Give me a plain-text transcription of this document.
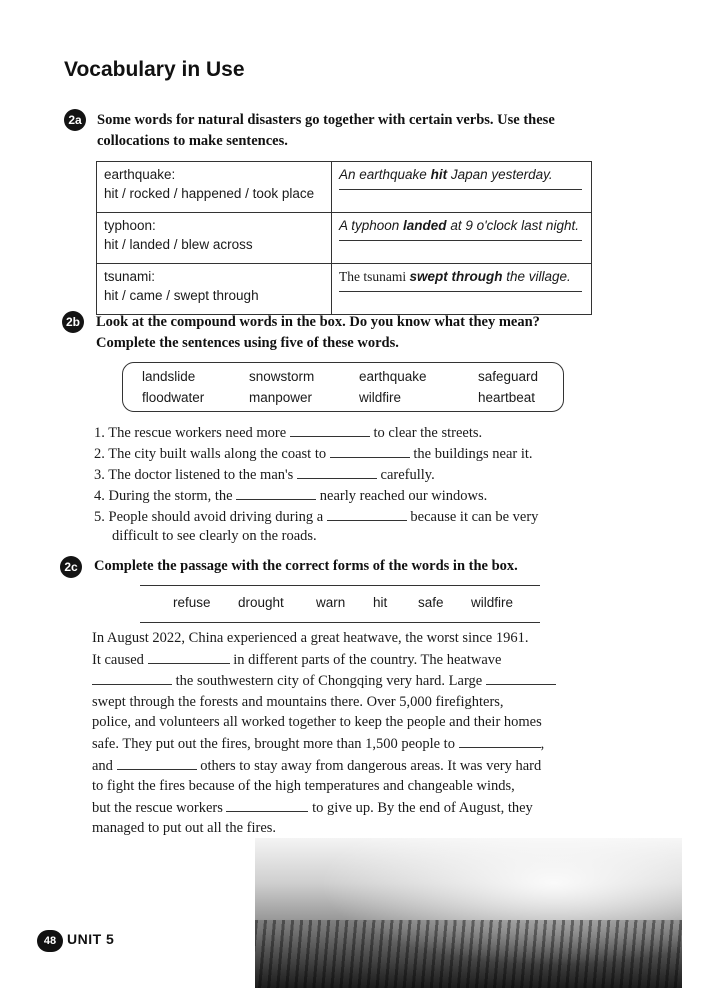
Vocabulary in Use
2a Some words for natural disasters go together with certain verbs. Use these
collocations to make sentences.
earthquake:
hit / rocked / happened / took place	An earthquake hit Japan yesterday.

typhoon:
hit / landed / blew across	A typhoon landed at 9 o'clock last night.

tsunami:
hit / came / swept through	The tsunami swept through the village.
2b Look at the compound words in the box. Do you know what they mean?
Complete the sentences using five of these words.
landslide	snowstorm	earthquake	safeguard
floodwater	manpower	wildfire	heartbeat
1. The rescue workers need more	to clear the streets.
2. The city built walls along the coast to	the buildings near it.
3. The doctor listened to the man's	carefully.
4. During the storm, the	nearly reached our windows.
5. People should avoid driving during a	because it can be very
difficult to see clearly on the roads.
2c Complete the passage with the correct forms of the words in the box.
refuse drought warn hit safe wildfire
In August 2022, China experienced a great heatwave, the worst since 1961.
It caused	in different parts of the country. The heatwave
the southwestern city of Chongqing very hard. Large
swept through the forests and mountains there. Over 5,000 firefighters,
police, and volunteers all worked together to keep the people and their homes
safe. They put out the fires, brought more than 1,500 people to	,
and	others to stay away from dangerous areas. It was very hard
to fight the fires because of the high temperatures and changeable winds,
but the rescue workers	to give up. By the end of August, they
managed to put out all the fires.
48 UNIT 5
